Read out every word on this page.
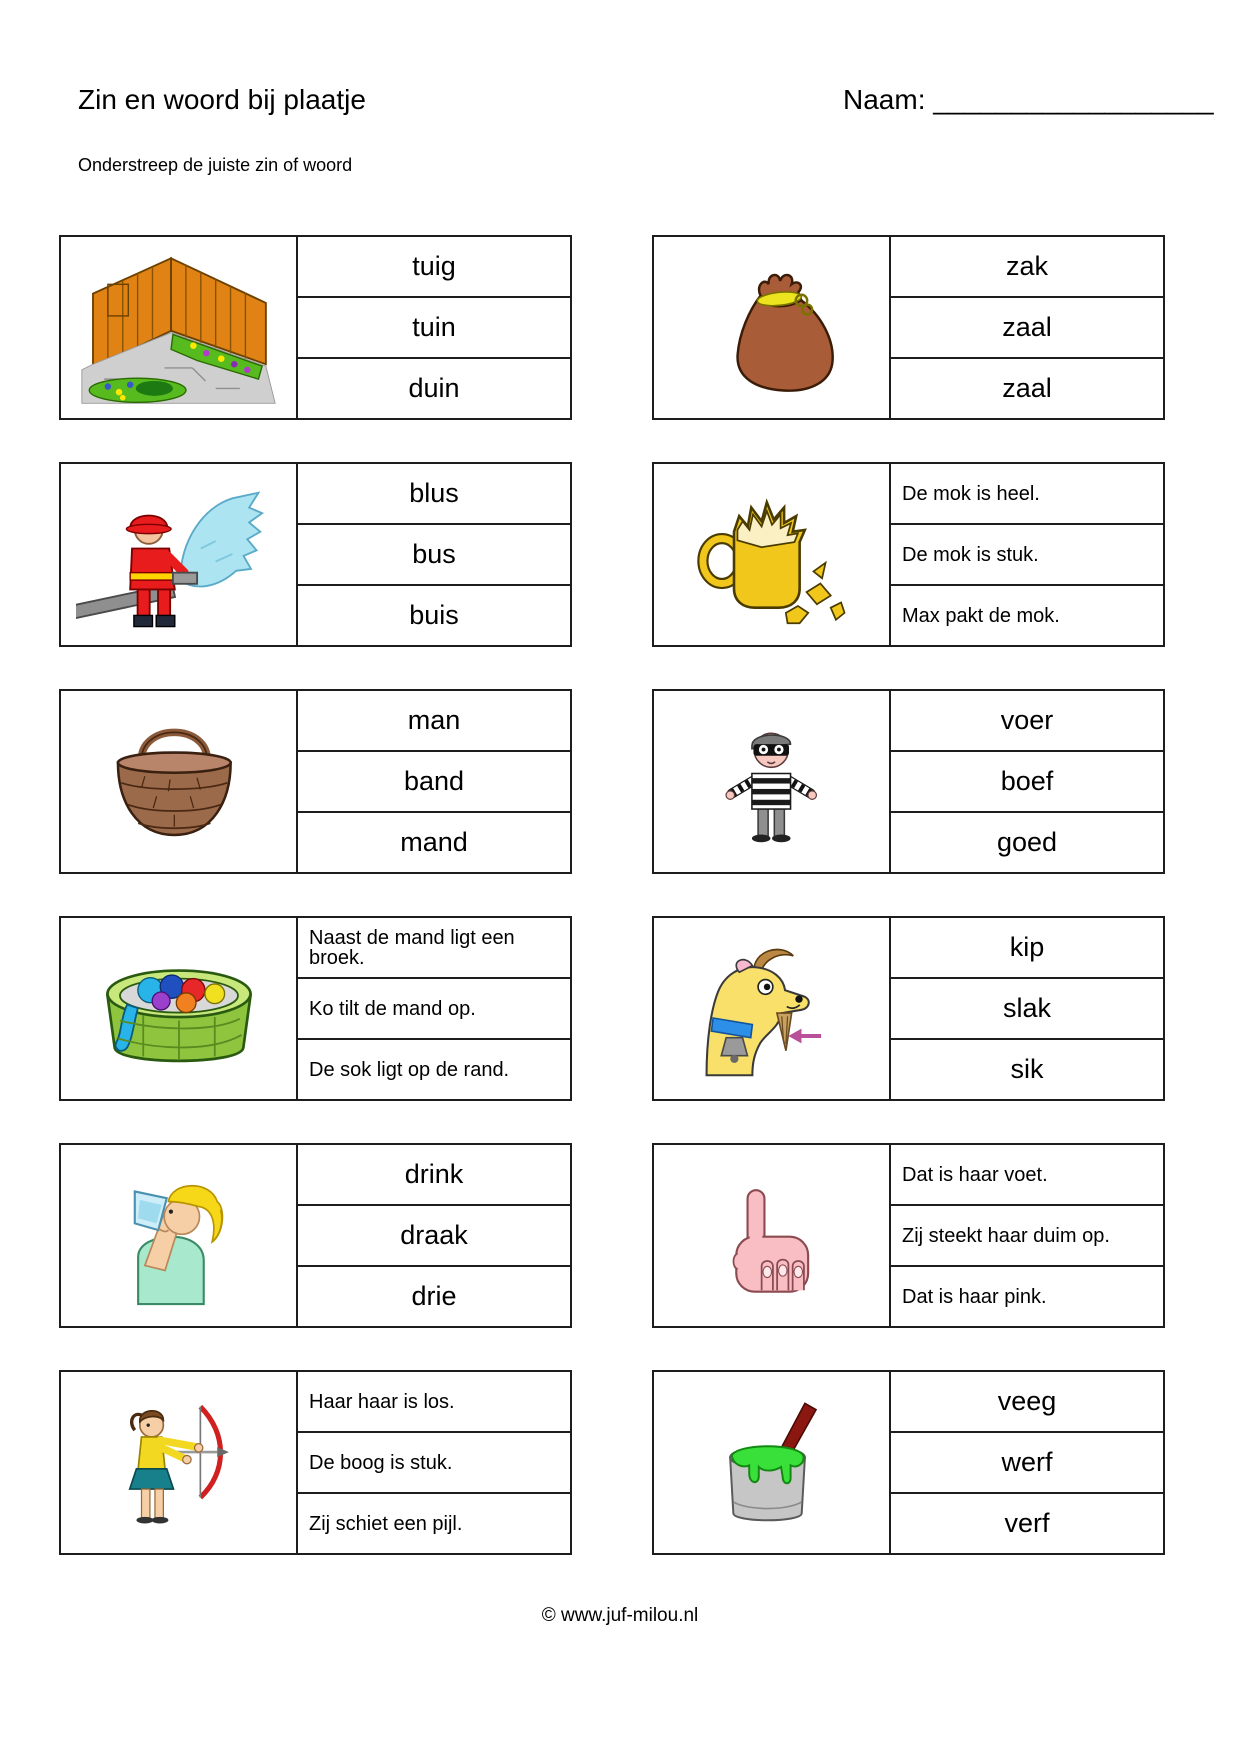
Zin en woord bij plaatje	Naam: __________________
Onderstreep de juiste zin of woord
tuig
tuin
duin
zak
zaal
zaal
blus
bus
buis
De mok is heel.
De mok is stuk.
Max pakt de mok.
man
band
mand
voer
boef
goed
Naast de mand ligt een broek.
Ko tilt de mand op.
De sok ligt op de rand.
kip
slak
sik
drink
draak
drie
Dat is haar voet.
Zij steekt haar duim op.
Dat is haar pink.
Haar haar is los.
De boog is stuk.
Zij schiet een pijl.
veeg
werf
verf
© www.juf-milou.nl
